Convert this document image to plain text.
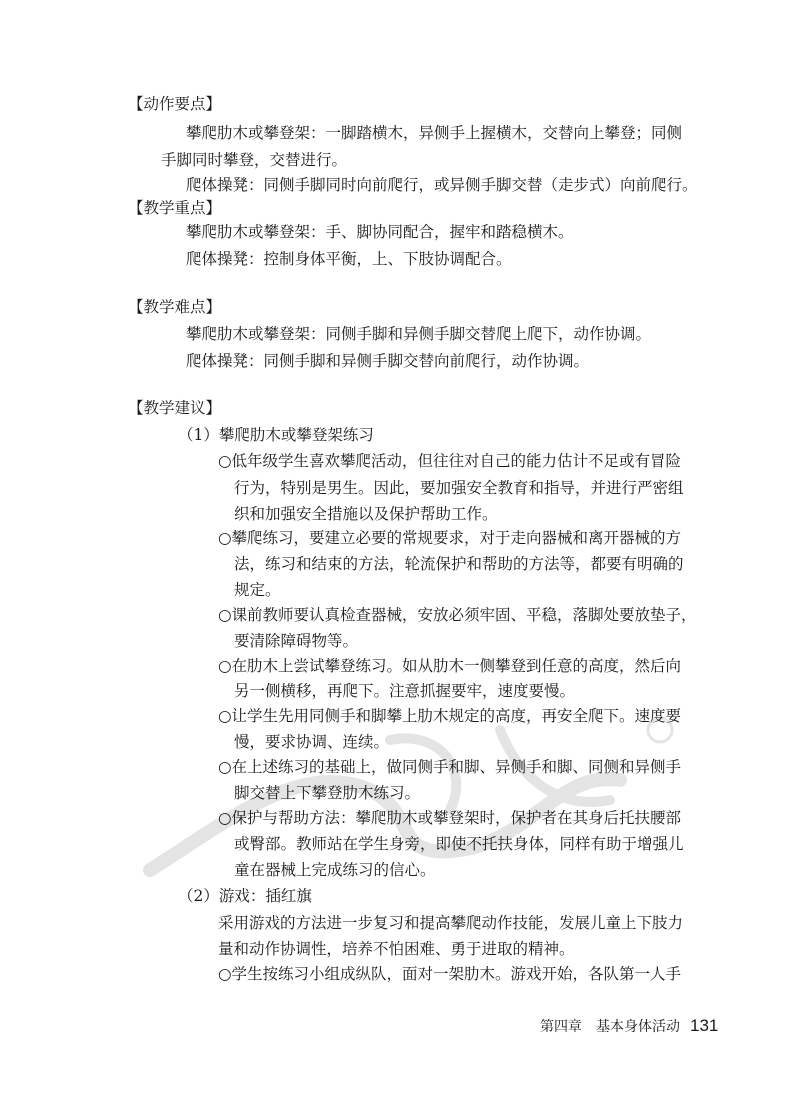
【动作要点】
攀爬肋木或攀登架：一脚踏横木，异侧手上握横木，交替向上攀登；同侧
手脚同时攀登，交替进行。
爬体操凳：同侧手脚同时向前爬行，或异侧手脚交替（走步式）向前爬行。
【教学重点】
攀爬肋木或攀登架：手、脚协同配合，握牢和踏稳横木。
爬体操凳：控制身体平衡，上、下肢协调配合。
【教学难点】
攀爬肋木或攀登架：同侧手脚和异侧手脚交替爬上爬下，动作协调。
爬体操凳：同侧手脚和异侧手脚交替向前爬行，动作协调。
【教学建议】
（1）攀爬肋木或攀登架练习
○低年级学生喜欢攀爬活动，但往往对自己的能力估计不足或有冒险
行为，特别是男生。因此，要加强安全教育和指导，并进行严密组
织和加强安全措施以及保护帮助工作。
○攀爬练习，要建立必要的常规要求，对于走向器械和离开器械的方
法，练习和结束的方法，轮流保护和帮助的方法等，都要有明确的
规定。
○课前教师要认真检查器械，安放必须牢固、平稳，落脚处要放垫子，
要清除障碍物等。
○在肋木上尝试攀登练习。如从肋木一侧攀登到任意的高度，然后向
另一侧横移，再爬下。注意抓握要牢，速度要慢。
○让学生先用同侧手和脚攀上肋木规定的高度，再安全爬下。速度要
慢，要求协调、连续。
○在上述练习的基础上，做同侧手和脚、异侧手和脚、同侧和异侧手
脚交替上下攀登肋木练习。
○保护与帮助方法：攀爬肋木或攀登架时，保护者在其身后托扶腰部
或臀部。教师站在学生身旁，即使不托扶身体，同样有助于增强儿
童在器械上完成练习的信心。
（2）游戏：插红旗
采用游戏的方法进一步复习和提高攀爬动作技能，发展儿童上下肢力
量和动作协调性，培养不怕困难、勇于进取的精神。
○学生按练习小组成纵队，面对一架肋木。游戏开始，各队第一人手
第四章　基本身体活动 131
